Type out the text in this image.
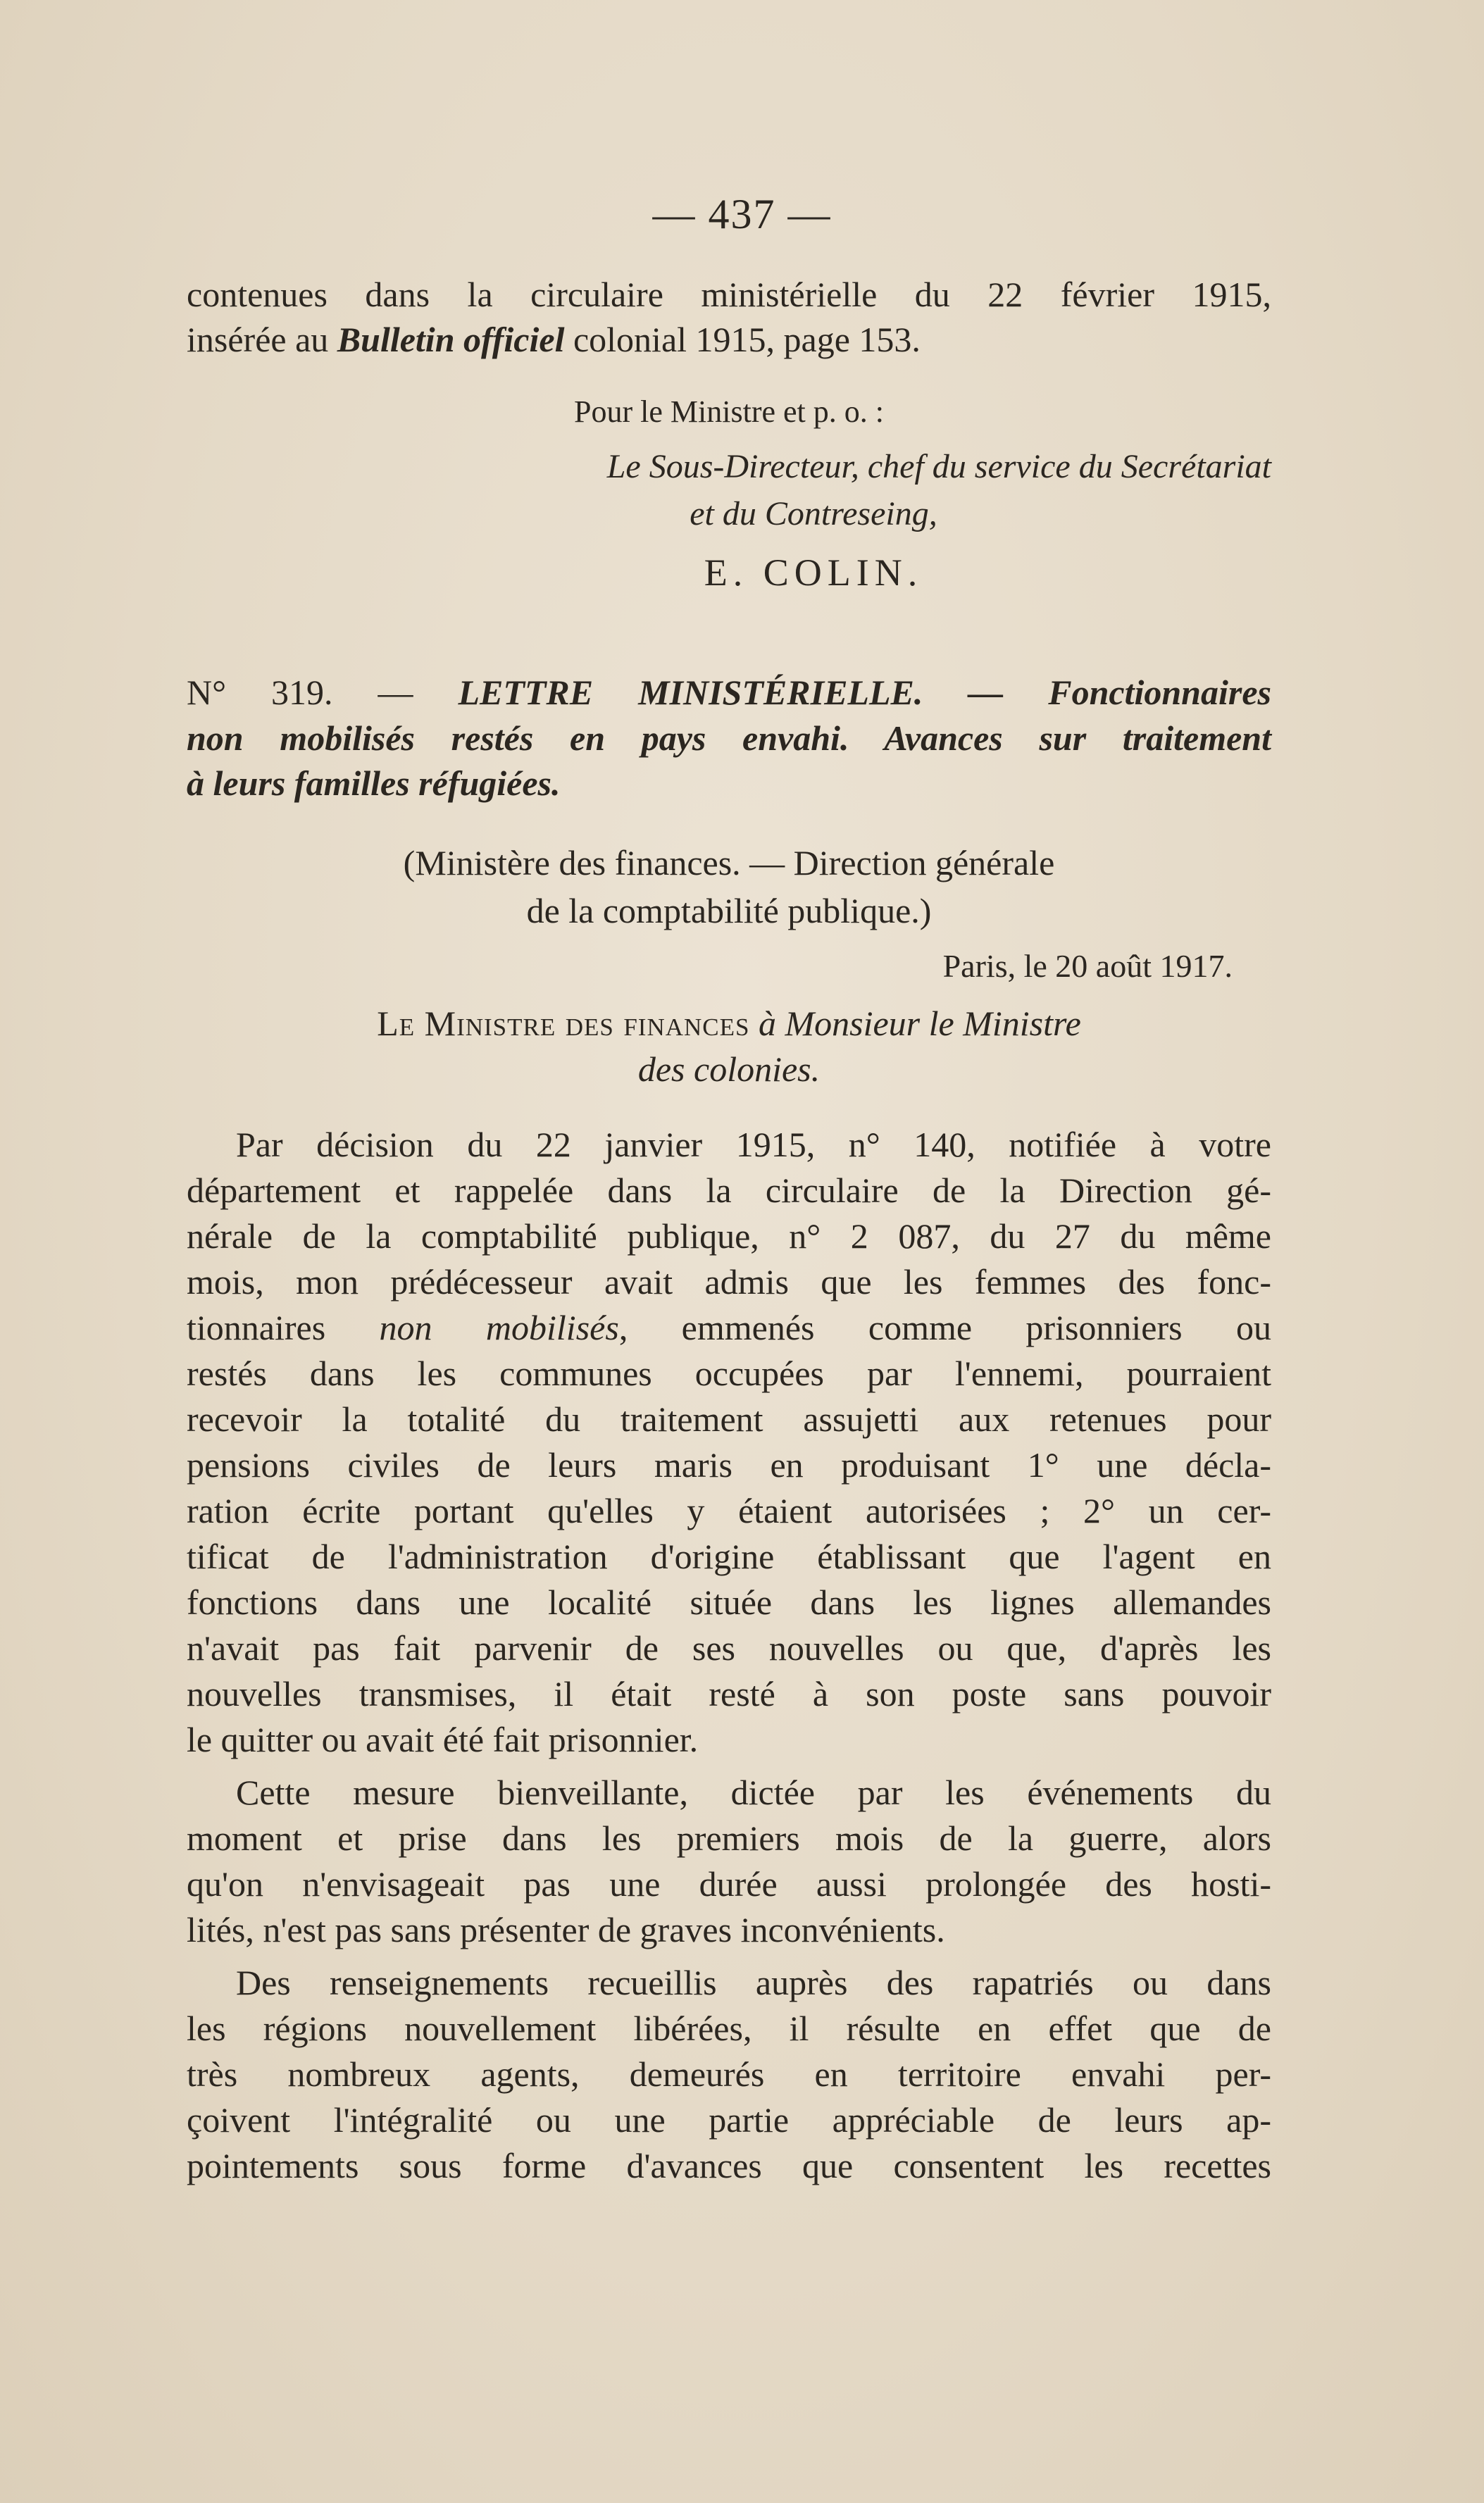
— 437 —
contenues dans la circulaire ministérielle du 22 février 1915,
insérée au Bulletin officiel colonial 1915, page 153.
Pour le Ministre et p. o. :
Le Sous-Directeur, chef du service du Secrétariat
et du Contreseing,
E. COLIN.
N° 319. — LETTRE MINISTÉRIELLE. — Fonctionnaires
non mobilisés restés en pays envahi. Avances sur traitement
à leurs familles réfugiées.
(Ministère des finances. — Direction générale
de la comptabilité publique.)
Paris, le 20 août 1917.
Le Ministre des finances à Monsieur le Ministre
des colonies.
Par décision du 22 janvier 1915, n° 140, notifiée à votre
département et rappelée dans la circulaire de la Direction gé-
nérale de la comptabilité publique, n° 2 087, du 27 du même
mois, mon prédécesseur avait admis que les femmes des fonc-
tionnaires non mobilisés, emmenés comme prisonniers ou
restés dans les communes occupées par l'ennemi, pourraient
recevoir la totalité du traitement assujetti aux retenues pour
pensions civiles de leurs maris en produisant 1° une décla-
ration écrite portant qu'elles y étaient autorisées ; 2° un cer-
tificat de l'administration d'origine établissant que l'agent en
fonctions dans une localité située dans les lignes allemandes
n'avait pas fait parvenir de ses nouvelles ou que, d'après les
nouvelles transmises, il était resté à son poste sans pouvoir
le quitter ou avait été fait prisonnier.
Cette mesure bienveillante, dictée par les événements du
moment et prise dans les premiers mois de la guerre, alors
qu'on n'envisageait pas une durée aussi prolongée des hosti-
lités, n'est pas sans présenter de graves inconvénients.
Des renseignements recueillis auprès des rapatriés ou dans
les régions nouvellement libérées, il résulte en effet que de
très nombreux agents, demeurés en territoire envahi per-
çoivent l'intégralité ou une partie appréciable de leurs ap-
pointements sous forme d'avances que consentent les recettes
